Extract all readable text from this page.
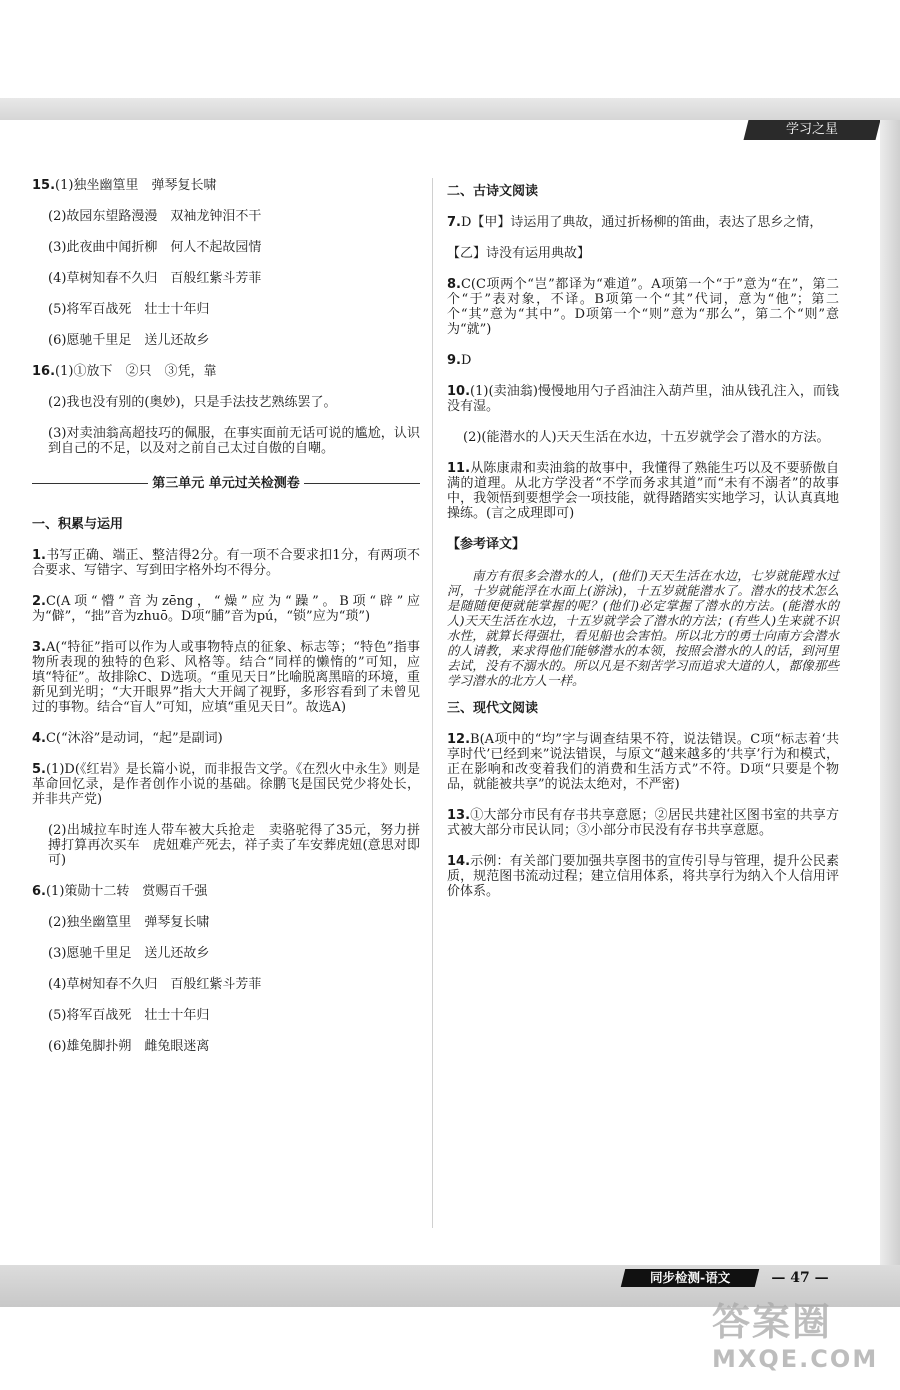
学习之星

15.(1)独坐幽篁里　弹琴复长啸

(2)故园东望路漫漫　双袖龙钟泪不干

(3)此夜曲中闻折柳　何人不起故园情

(4)草树知春不久归　百般红紫斗芳菲

(5)将军百战死　壮士十年归

(6)愿驰千里足　送儿还故乡

16.(1)①放下　②只　③凭，靠

(2)我也没有别的(奥妙)，只是手法技艺熟练罢了。

(3)对卖油翁高超技巧的佩服，在事实面前无话可说的尴尬，认识到自己的不足，以及对之前自己太过自傲的自嘲。

第三单元 单元过关检测卷
一、积累与运用

1.书写正确、端正、整洁得2分。有一项不合要求扣1分，有两项不合要求、写错字、写到田字格外均不得分。

2.C(A项“懵”音为zēng，“燥”应为“躁”。B项“辟”应为“僻”，“拙”音为zhuō。D项“脯”音为pú，“锁”应为“琐”)

3.A(“特征”指可以作为人或事物特点的征象、标志等；“特色”指事物所表现的独特的色彩、风格等。结合“同样的懒惰的”可知，应填“特征”。故排除C、D选项。“重见天日”比喻脱离黑暗的环境，重新见到光明；“大开眼界”指大大开阔了视野，多形容看到了未曾见过的事物。结合“盲人”可知，应填“重见天日”。故选A)

4.C(“沐浴”是动词，“起”是副词)

5.(1)D(《红岩》是长篇小说，而非报告文学。《在烈火中永生》则是革命回忆录，是作者创作小说的基础。徐鹏飞是国民党少将处长，并非共产党)

(2)出城拉车时连人带车被大兵抢走　卖骆驼得了35元，努力拼搏打算再次买车　虎妞难产死去，祥子卖了车安葬虎妞(意思对即可)

6.(1)策勋十二转　赏赐百千强

(2)独坐幽篁里　弹琴复长啸

(3)愿驰千里足　送儿还故乡

(4)草树知春不久归　百般红紫斗芳菲

(5)将军百战死　壮士十年归

(6)雄兔脚扑朔　雌兔眼迷离

二、古诗文阅读

7.D【甲】诗运用了典故，通过折杨柳的笛曲，表达了思乡之情，

【乙】诗没有运用典故】

8.C(C项两个“岂”都译为“难道”。A项第一个“于”意为“在”，第二个“于”表对象，不译。B项第一个“其”代词，意为“他”；第二个“其”意为“其中”。D项第一个“则”意为“那么”，第二个“则”意为“就”)

9.D

10.(1)(卖油翁)慢慢地用勺子舀油注入葫芦里，油从钱孔注入，而钱没有湿。

(2)(能潜水的人)天天生活在水边，十五岁就学会了潜水的方法。

11.从陈康肃和卖油翁的故事中，我懂得了熟能生巧以及不要骄傲自满的道理。从北方学没者“不学而务求其道”而“未有不溺者”的故事中，我领悟到要想学会一项技能，就得踏踏实实地学习，认认真真地操练。(言之成理即可)

【参考译文】

南方有很多会潜水的人，(他们)天天生活在水边，七岁就能蹚水过河，十岁就能浮在水面上(游泳)，十五岁就能潜水了。潜水的技术怎么是随随便便就能掌握的呢？(他们)必定掌握了潜水的方法。(能潜水的人)天天生活在水边，十五岁就学会了潜水的方法；(有些人)生来就不识水性，就算长得强壮，看见船也会害怕。所以北方的勇士向南方会潜水的人请教，来求得他们能够潜水的本领，按照会潜水的人的话，到河里去试，没有不溺水的。所以凡是不刻苦学习而追求大道的人，都像那些学习潜水的北方人一样。

三、现代文阅读

12.B(A项中的“均”字与调查结果不符，说法错误。C项“标志着‘共享时代’已经到来”说法错误，与原文“越来越多的‘共享’行为和模式，正在影响和改变着我们的消费和生活方式”不符。D项“只要是个物品，就能被共享”的说法太绝对，不严密)

13.①大部分市民有存书共享意愿；②居民共建社区图书室的共享方式被大部分市民认同；③小部分市民没有存书共享意愿。

14.示例：有关部门要加强共享图书的宣传引导与管理，提升公民素质，规范图书流动过程；建立信用体系，将共享行为纳入个人信用评价体系。

同步检测-语文	— 47 —
答案圈
MXQE.COM
